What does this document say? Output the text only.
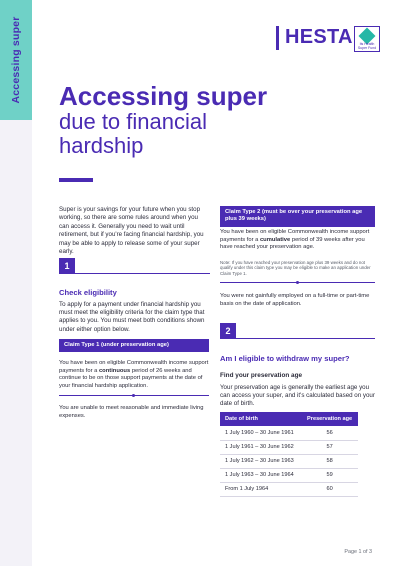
Accessing super	HESTA	Its Health Super Fund
Accessing super
due to financial hardship
Super is your savings for your future when you stop working, so there are some rules around when you can access it. Generally you need to wait until retirement, but if you're facing financial hardship, you may be able to apply to release some of your super early.
1
Check eligibility
To apply for a payment under financial hardship you must meet the eligibility criteria for the claim type that applies to you. You must meet both conditions shown under either option below.
Claim Type 1 (under preservation age)
You have been on eligible Commonwealth income support payments for a continuous period of 26 weeks and continue to be on those support payments at the date of your financial hardship application.
You are unable to meet reasonable and immediate living expenses.
Claim Type 2 (must be over your preservation age plus 39 weeks)
You have been on eligible Commonwealth income support payments for a cumulative period of 39 weeks after you have reached your preservation age.
Note: If you have reached your preservation age plus 39 weeks and do not qualify under this claim type you may be eligible to make an application under Claim Type 1.
You were not gainfully employed on a full-time or part-time basis on the date of application.
2
Am I eligible to withdraw my super?
Find your preservation age
Your preservation age is generally the earliest age you can access your super, and it's calculated based on your date of birth.
Date of birth	Preservation age
1 July 1960 – 30 June 1961	56
1 July 1961 – 30 June 1962	57
1 July 1962 – 30 June 1963	58
1 July 1963 – 30 June 1964	59
From 1 July 1964	60
Page 1 of 3
